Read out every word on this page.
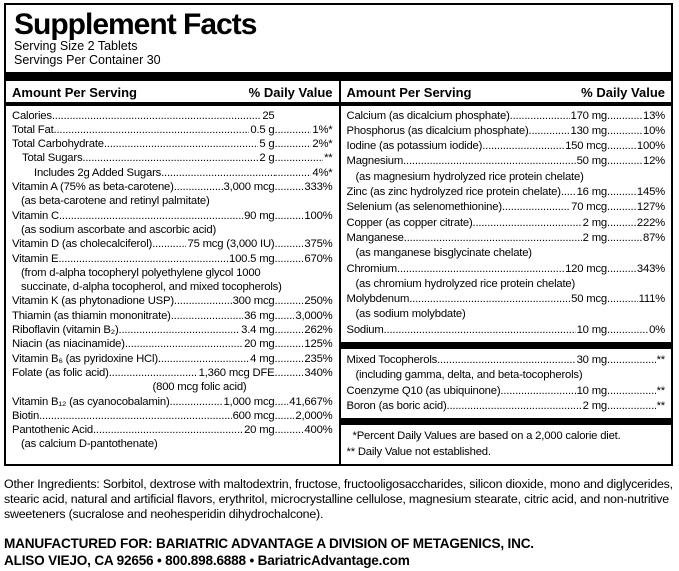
Supplement Facts
Serving Size 2 Tablets
Servings Per Container 30
Amount Per Serving	% Daily Value
Calories .....	25
Total Fat .....	0.5 g .....	1%*
Total Carbohydrate .....	5 g .....	2%*
Total Sugars .....	2 g .....	**
Includes 2g Added Sugars ..... .....	4%*
Vitamin A (75% as beta-carotene) .....	3,000 mcg .....	333%
(as beta-carotene and retinyl palmitate)
Vitamin C .....	90 mg .....	100%
(as sodium ascorbate and ascorbic acid)
Vitamin D (as cholecalciferol) .....	75 mcg (3,000 IU) .....	375%
Vitamin E .....	100.5 mg .....	670%
(from d-alpha tocopheryl polyethylene glycol 1000
succinate, d-alpha tocopherol, and mixed tocopherols)
Vitamin K (as phytonadione USP) .....	300 mcg .....	250%
Thiamin (as thiamin mononitrate) .....	36 mg ..... 3,000%
Riboflavin (vitamin B₂) .....	3.4 mg .....	262%
Niacin (as niacinamide) .....	20 mg .....	125%
Vitamin B₆ (as pyridoxine HCl) .....	4 mg .....	235%
Folate (as folic acid) .....	1,360 mcg DFE .....	340%
(800 mcg folic acid)
Vitamin B₁₂ (as cyanocobalamin) .....	1,000 mcg ..... 41,667%
Biotin .....	600 mcg ..... 2,000%
Pantothenic Acid .....	20 mg .....	400%
(as calcium D-pantothenate)
Amount Per Serving	% Daily Value
Calcium (as dicalcium phosphate) .....	170 mg .....	13%
Phosphorus (as dicalcium phosphate) .....	130 mg .....	10%
Iodine (as potassium iodide) .....	150 mcg .....	100%
Magnesium .....	50 mg .....	12%
(as magnesium hydrolyzed rice protein chelate)
Zinc (as zinc hydrolyzed rice protein chelate) ..... 16 mg .....	145%
Selenium (as selenomethionine) .....	70 mcg .....	127%
Copper (as copper citrate) .....	2 mg .....	222%
Manganese .....	2 mg .....	87%
(as manganese bisglycinate chelate)
Chromium .....	120 mcg .....	343%
(as chromium hydrolyzed rice protein chelate)
Molybdenum .....	50 mcg .....	111%
(as sodium molybdate)
Sodium .....	10 mg .....	0%
Mixed Tocopherols .....	30 mg .....	**
(including gamma, delta, and beta-tocopherols)
Coenzyme Q10 (as ubiquinone) .....	10 mg .....	**
Boron (as boric acid) .....	2 mg .....	**
*Percent Daily Values are based on a 2,000 calorie diet.
** Daily Value not established.
Other Ingredients: Sorbitol, dextrose with maltodextrin, fructose, fructooligosaccharides, silicon dioxide, mono and diglycerides, stearic acid, natural and artificial flavors, erythritol, microcrystalline cellulose, magnesium stearate, citric acid, and non-nutritive sweeteners (sucralose and neohesperidin dihydrochalcone).
MANUFACTURED FOR: BARIATRIC ADVANTAGE A DIVISION OF METAGENICS, INC.
ALISO VIEJO, CA 92656 • 800.898.6888 • BariatricAdvantage.com
